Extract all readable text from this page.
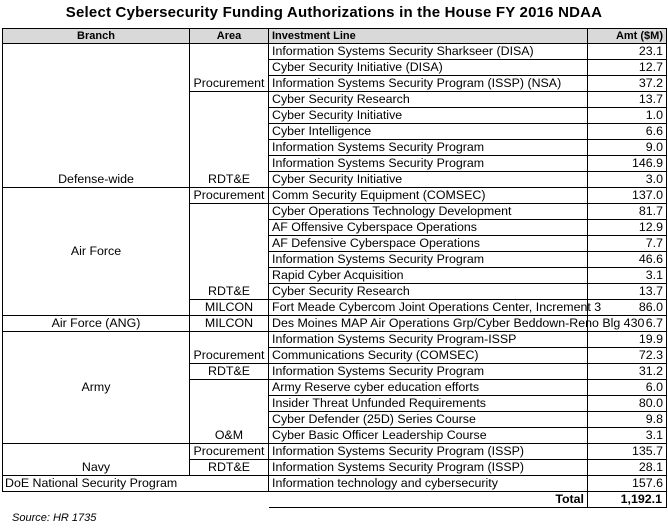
Select Cybersecurity Funding Authorizations in the House FY 2016 NDAA
Branch	Area	Investment Line	Amt ($M)
Defense-wide	Procurement	Information Systems Security Sharkseer (DISA)	23.1
		Cyber Security Initiative (DISA)	12.7
		Information Systems Security Program (ISSP) (NSA)	37.2
	RDT&E	Cyber Security Research	13.7
		Cyber Security Initiative	1.0
		Cyber Intelligence	6.6
		Information Systems Security Program	9.0
		Information Systems Security Program	146.9
		Cyber Security Initiative	3.0
Air Force	Procurement	Comm Security Equipment (COMSEC)	137.0
	RDT&E	Cyber Operations Technology Development	81.7
		AF Offensive Cyberspace Operations	12.9
		AF Defensive Cyberspace Operations	7.7
		Information Systems Security Program	46.6
		Rapid Cyber Acquisition	3.1
		Cyber Security Research	13.7
	MILCON	Fort Meade Cybercom Joint Operations Center, Increment 3	86.0
Air Force (ANG)	MILCON	Des Moines MAP Air Operations Grp/Cyber Beddown-Reno Blg 430	6.7
Army	Procurement	Information Systems Security Program-ISSP	19.9
		Communications Security (COMSEC)	72.3
	RDT&E	Information Systems Security Program	31.2
	O&M	Army Reserve cyber education efforts	6.0
		Insider Threat Unfunded Requirements	80.0
		Cyber Defender (25D) Series Course	9.8
		Cyber Basic Officer Leadership Course	3.1
Navy	Procurement	Information Systems Security Program (ISSP)	135.7
	RDT&E	Information Systems Security Program (ISSP)	28.1
DoE National Security Program		Information technology and cybersecurity	157.6
		Total	1,192.1
Source: HR 1735
